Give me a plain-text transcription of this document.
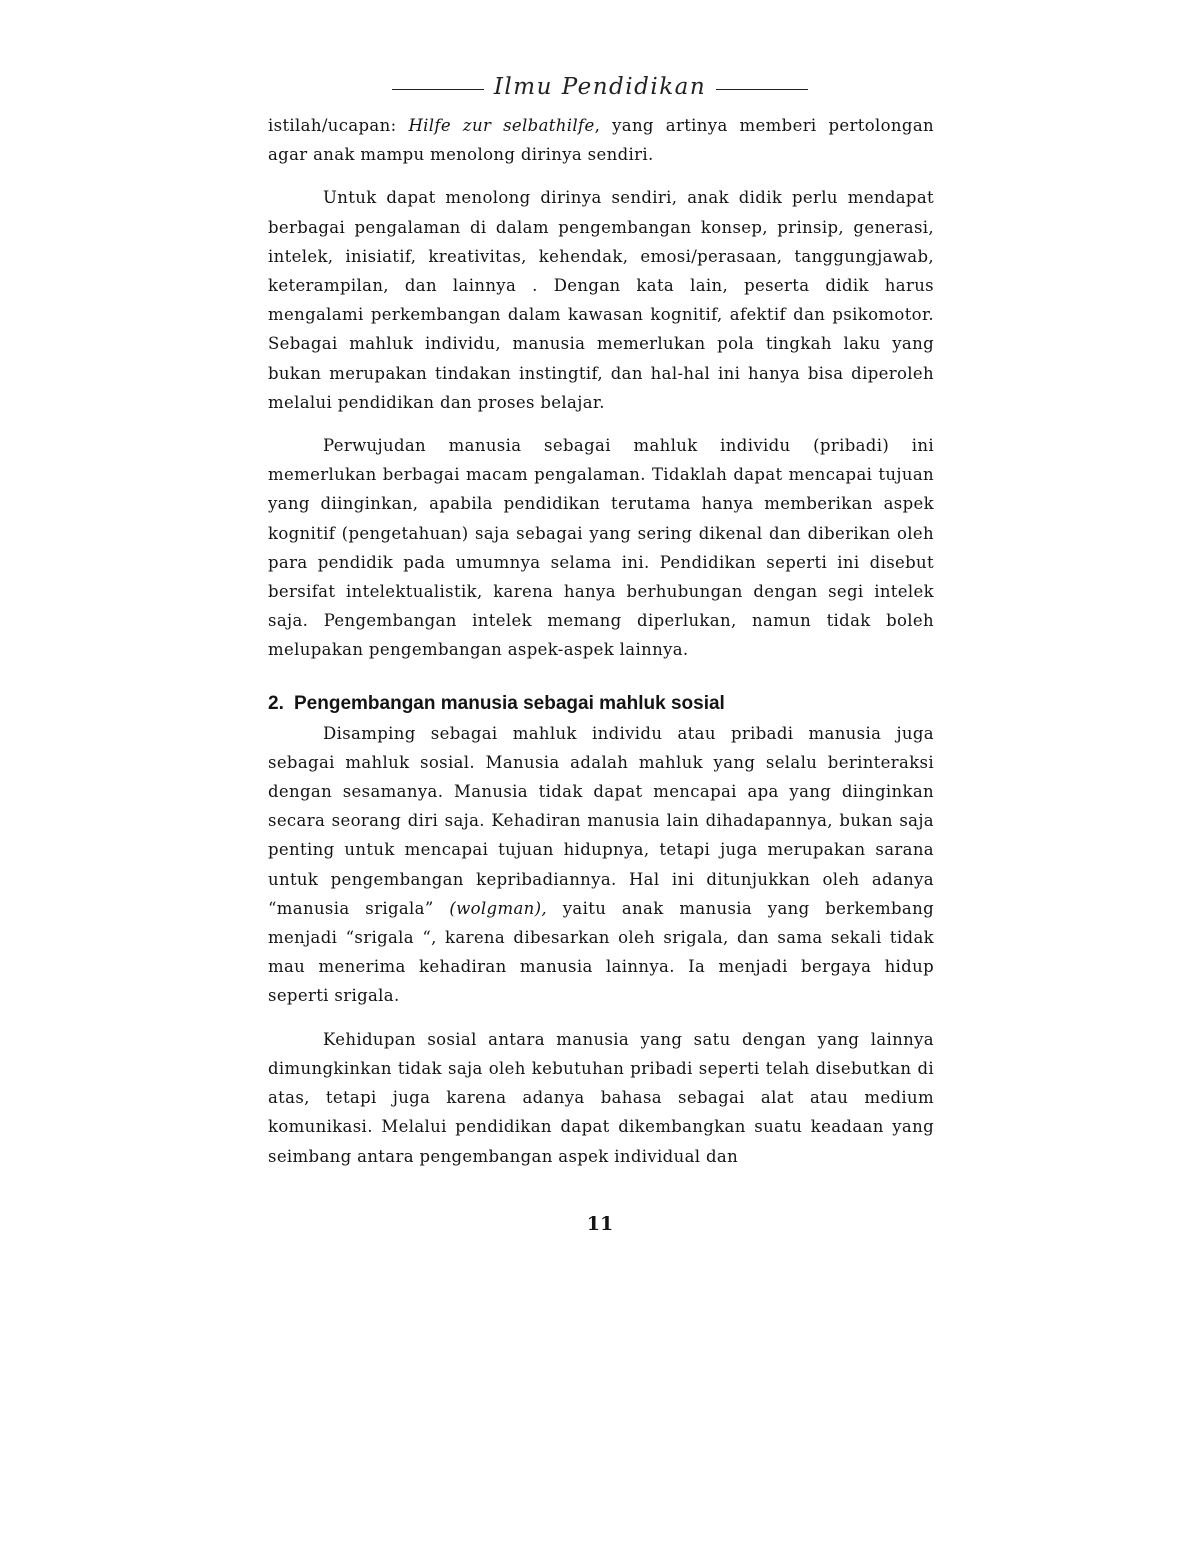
Ilmu Pendidikan

istilah/ucapan: Hilfe zur selbathilfe, yang artinya memberi pertolongan agar anak mampu menolong dirinya sendiri.

Untuk dapat menolong dirinya sendiri, anak didik perlu mendapat berbagai pengalaman di dalam pengembangan konsep, prinsip, generasi, intelek, inisiatif, kreativitas, kehendak, emosi/perasaan, tanggungjawab, keterampilan, dan lainnya . Dengan kata lain, peserta didik harus mengalami perkembangan dalam kawasan kognitif, afektif dan psikomotor. Sebagai mahluk individu, manusia memerlukan pola tingkah laku yang bukan merupakan tindakan instingtif, dan hal-hal ini hanya bisa diperoleh melalui pendidikan dan proses belajar.

Perwujudan manusia sebagai mahluk individu (pribadi) ini memerlukan berbagai macam pengalaman. Tidaklah dapat mencapai tujuan yang diinginkan, apabila pendidikan terutama hanya memberikan aspek kognitif (pengetahuan) saja sebagai yang sering dikenal dan diberikan oleh para pendidik pada umumnya selama ini. Pendidikan seperti ini disebut bersifat intelektualistik, karena hanya berhubungan dengan segi intelek saja. Pengembangan intelek memang diperlukan, namun tidak boleh melupakan pengembangan aspek-aspek lainnya.

2. Pengembangan manusia sebagai mahluk sosial

Disamping sebagai mahluk individu atau pribadi manusia juga sebagai mahluk sosial. Manusia adalah mahluk yang selalu berinteraksi dengan sesamanya. Manusia tidak dapat mencapai apa yang diinginkan secara seorang diri saja. Kehadiran manusia lain dihadapannya, bukan saja penting untuk mencapai tujuan hidupnya, tetapi juga merupakan sarana untuk pengembangan kepribadiannya. Hal ini ditunjukkan oleh adanya “manusia srigala” (wolgman), yaitu anak manusia yang berkembang menjadi “srigala “, karena dibesarkan oleh srigala, dan sama sekali tidak mau menerima kehadiran manusia lainnya. Ia menjadi bergaya hidup seperti srigala.

Kehidupan sosial antara manusia yang satu dengan yang lainnya dimungkinkan tidak saja oleh kebutuhan pribadi seperti telah disebutkan di atas, tetapi juga karena adanya bahasa sebagai alat atau medium komunikasi. Melalui pendidikan dapat dikembangkan suatu keadaan yang seimbang antara pengembangan aspek individual dan

11
